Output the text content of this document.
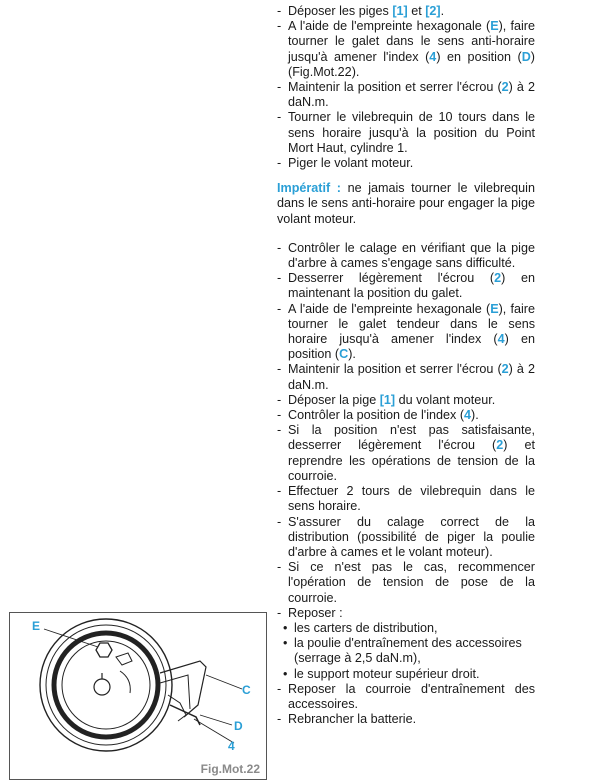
- Déposer les piges [1] et [2].

- A l'aide de l'empreinte hexagonale (E), faire tourner le galet dans le sens anti-horaire jusqu'à amener l'index (4) en position (D) (Fig.Mot.22).

- Maintenir la position et serrer l'écrou (2) à 2 daN.m.

- Tourner le vilebrequin de 10 tours dans le sens horaire jusqu'à la position du Point Mort Haut, cylindre 1.

- Piger le volant moteur.

Impératif : ne jamais tourner le vilebrequin dans le sens anti-horaire pour engager la pige volant moteur.

- Contrôler le calage en vérifiant que la pige d'arbre à cames s'engage sans difficulté.

- Desserrer légèrement l'écrou (2) en maintenant la position du galet.

- A l'aide de l'empreinte hexagonale (E), faire tourner le galet tendeur dans le sens horaire jusqu'à amener l'index (4) en position (C).

- Maintenir la position et serrer l'écrou (2) à 2 daN.m.

- Déposer la pige [1] du volant moteur.

- Contrôler la position de l'index (4).

- Si la position n'est pas satisfaisante, desserrer légèrement l'écrou (2) et reprendre les opérations de tension de la courroie.

- Effectuer 2 tours de vilebrequin dans le sens horaire.

- S'assurer du calage correct de la distribution (possibilité de piger la poulie d'arbre à cames et le volant moteur).

- Si ce n'est pas le cas, recommencer l'opération de tension de pose de la courroie.

- Reposer :

• les carters de distribution,

• la poulie d'entraînement des accessoires (serrage à 2,5 daN.m),

• le support moteur supérieur droit.

- Reposer la courroie d'entraînement des accessoires.

- Rebrancher la batterie.

E
C
D
4
Fig.Mot.22
